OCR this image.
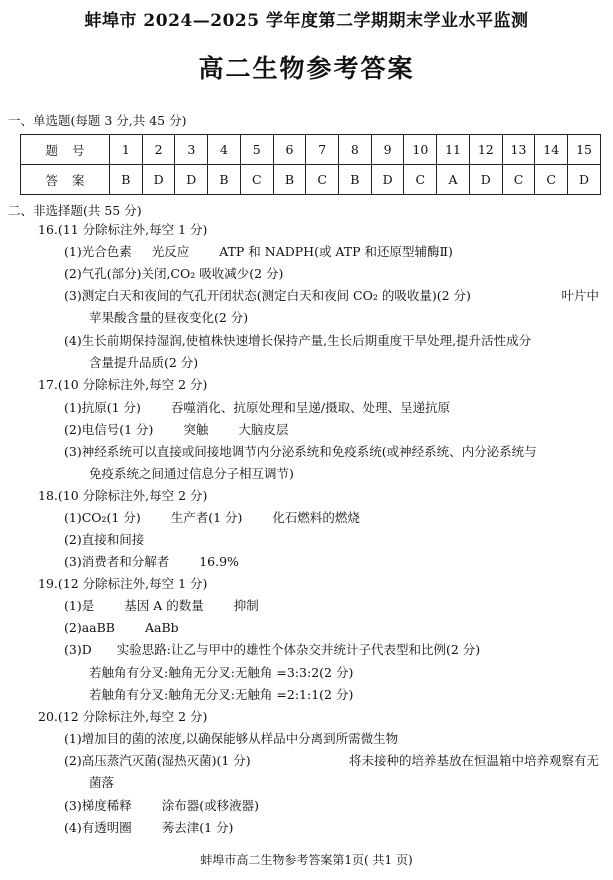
蚌埠市 2024—2025 学年度第二学期期末学业水平监测
高二生物参考答案
一、单选题(每题 3 分,共 45 分)
题号	1	2	3	4	5	6	7	8	9	10	11	12	13	14	15
答案	B	D	D	B	C	B	C	B	D	C	A	D	C	C	D
二、非选择题(共 55 分)
16.(11 分除标注外,每空 1 分)
(1)光合色素 光反应 ATP 和 NADPH(或 ATP 和还原型辅酶Ⅱ)
(2)气孔(部分)关闭,CO₂ 吸收减少(2 分)
(3)测定白天和夜间的气孔开闭状态(测定白天和夜间 CO₂ 的吸收量)(2 分)	叶片中
苹果酸含量的昼夜变化(2 分)
(4)生长前期保持湿润,使植株快速增长保持产量,生长后期重度干旱处理,提升活性成分
含量提升品质(2 分)
17.(10 分除标注外,每空 2 分)
(1)抗原(1 分) 吞噬消化、抗原处理和呈递/摄取、处理、呈递抗原
(2)电信号(1 分) 突触 大脑皮层
(3)神经系统可以直接或间接地调节内分泌系统和免疫系统(或神经系统、内分泌系统与
免疫系统之间通过信息分子相互调节)
18.(10 分除标注外,每空 2 分)
(1)CO₂(1 分) 生产者(1 分) 化石燃料的燃烧
(2)直接和间接
(3)消费者和分解者 16.9%
19.(12 分除标注外,每空 1 分)
(1)是 基因 A 的数量 抑制
(2)aaBB AaBb
(3)D 实验思路:让乙与甲中的雄性个体杂交并统计子代表型和比例(2 分)
若触角有分叉:触角无分叉:无触角 =3:3:2(2 分)
若触角有分叉:触角无分叉:无触角 =2:1:1(2 分)
20.(12 分除标注外,每空 2 分)
(1)增加目的菌的浓度,以确保能够从样品中分离到所需微生物
(2)高压蒸汽灭菌(湿热灭菌)(1 分)	将未接种的培养基放在恒温箱中培养观察有无
菌落
(3)梯度稀释 涂布器(或移液器)
(4)有透明圈 莠去津(1 分)
蚌埠市高二生物参考答案第1页( 共1 页)
